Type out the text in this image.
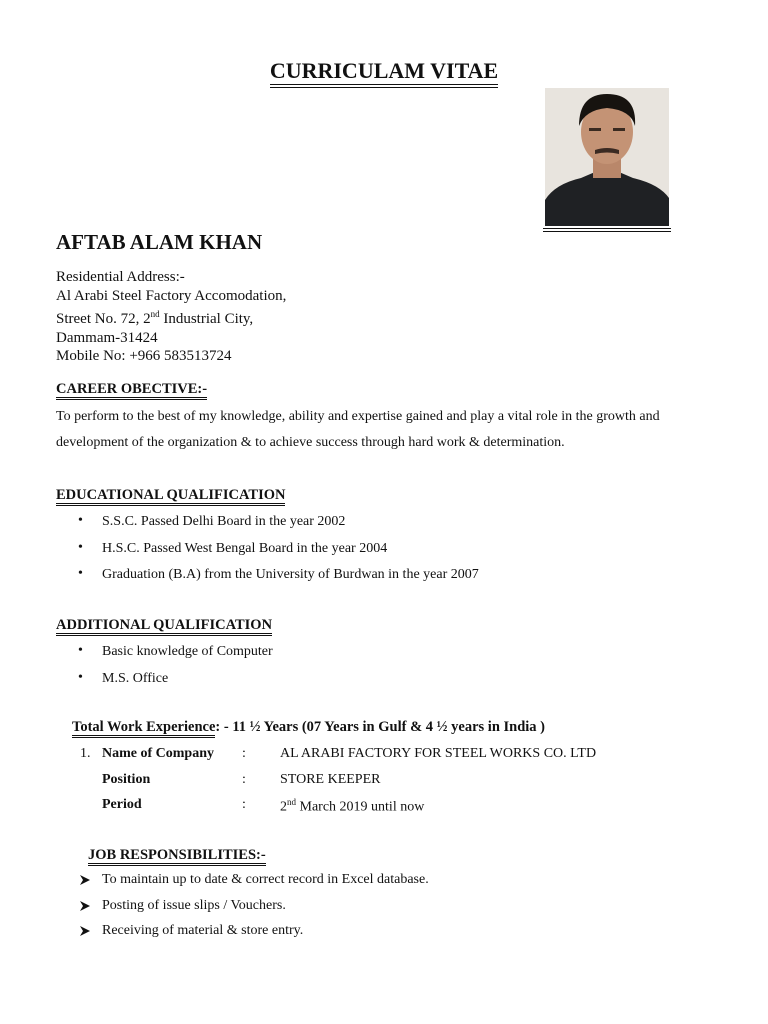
CURRICULAM VITAE
AFTAB ALAM KHAN
Residential Address:-
Al Arabi Steel Factory Accomodation,
Street No. 72, 2nd Industrial City,
Dammam-31424
Mobile No: +966 583513724
CAREER OBECTIVE:-
To perform to the best of my knowledge, ability and expertise gained and play a vital role in the growth and development of the organization & to achieve success through hard work & determination.
EDUCATIONAL QUALIFICATION
• S.S.C. Passed Delhi Board in the year 2002
• H.S.C. Passed West Bengal Board in the year 2004
• Graduation (B.A) from the University of Burdwan in the year 2007
ADDITIONAL QUALIFICATION
• Basic knowledge of Computer
• M.S. Office
Total Work Experience: - 11 ½ Years (07 Years in Gulf & 4 ½ years in India )
1. Name of Company : AL ARABI FACTORY FOR STEEL WORKS CO. LTD
Position	: STORE KEEPER
Period	: 2nd March 2019 until now
JOB RESPONSIBILITIES:-
To maintain up to date & correct record in Excel database.
Posting of issue slips / Vouchers.
Receiving of material & store entry.
